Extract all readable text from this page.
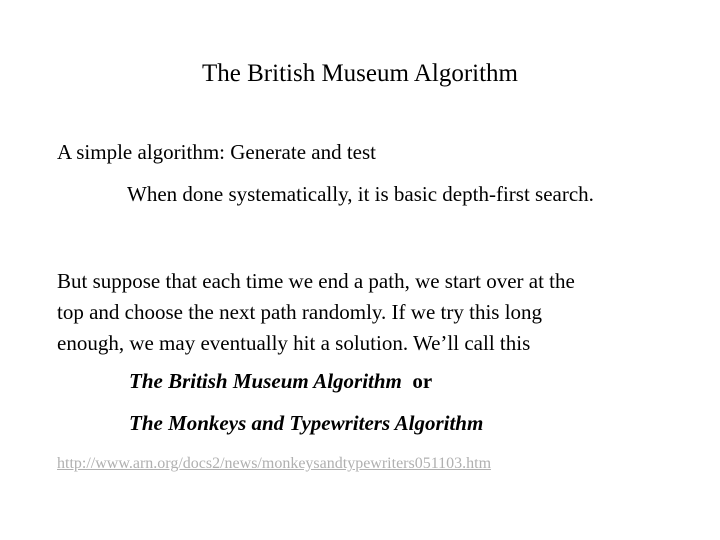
The British Museum Algorithm
A simple algorithm: Generate and test
When done systematically, it is basic depth-first search.
But suppose that each time we end a path, we start over at the
top and choose the next path randomly. If we try this long
enough, we may eventually hit a solution. We’ll call this
The British Museum Algorithm or
The Monkeys and Typewriters Algorithm
http://www.arn.org/docs2/news/monkeysandtypewriters051103.htm
